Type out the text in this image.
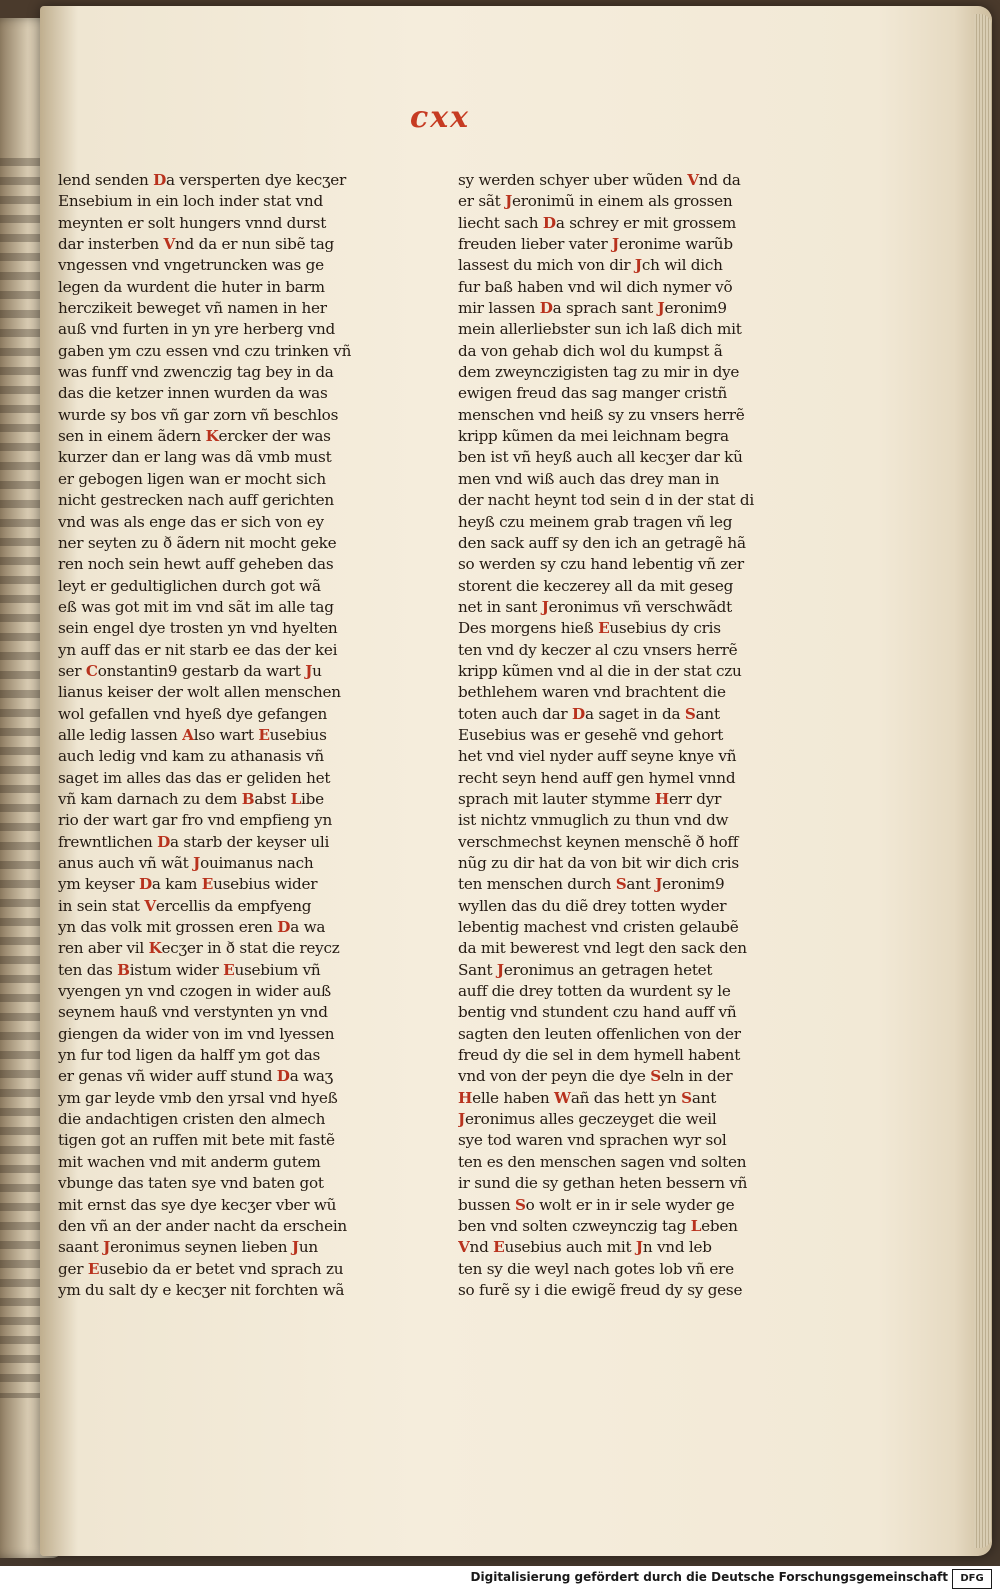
cxx
lend senden Da versperten dye kecʒer
Ensebium in ein loch inder stat vnd
meynten er solt hungers vnnd durst
dar insterben Vnd da er nun sibẽ tag
vngessen vnd vngetruncken was ge
legen da wurdent die huter in barm
herczikeit beweget vñ namen in her
auß vnd furten in yn yre herberg vnd
gaben ym czu essen vnd czu trinken vñ
was funff vnd zwenczig tag bey in da
das die ketzer innen wurden da was
wurde sy bos vñ gar zorn vñ beschlos
sen in einem ãdern Kercker der was
kurzer dan er lang was dã vmb must
er gebogen ligen wan er mocht sich
nicht gestrecken nach auff gerichten
vnd was als enge das er sich von ey
ner seyten zu ð ãdern nit mocht geke
ren noch sein hewt auff geheben das
leyt er gedultiglichen durch got wã
eß was got mit im vnd sãt im alle tag
sein engel dye trosten yn vnd hyelten
yn auff das er nit starb ee das der kei
ser Constantin9 gestarb da wart Ju
lianus keiser der wolt allen menschen
wol gefallen vnd hyeß dye gefangen
alle ledig lassen Also wart Eusebius
auch ledig vnd kam zu athanasis vñ
saget im alles das das er geliden het
vñ kam darnach zu dem Babst Libe
rio der wart gar fro vnd empfieng yn
frewntlichen Da starb der keyser uli
anus auch vñ wãt Jouimanus nach
ym keyser Da kam Eusebius wider
in sein stat Vercellis da empfyeng
yn das volk mit grossen eren Da wa
ren aber vil Kecʒer in ð stat die reycz
ten das Bistum wider Eusebium vñ
vyengen yn vnd czogen in wider auß
seynem hauß vnd verstynten yn vnd
giengen da wider von im vnd lyessen
yn fur tod ligen da halff ym got das
er genas vñ wider auff stund Da waʒ
ym gar leyde vmb den yrsal vnd hyeß
die andachtigen cristen den almech
tigen got an ruffen mit bete mit fastẽ
mit wachen vnd mit anderm gutem
vbunge das taten sye vnd baten got
mit ernst das sye dye kecʒer vber wũ
den vñ an der ander nacht da erschein
saant Jeronimus seynen lieben Jun
ger Eusebio da er betet vnd sprach zu
ym du salt dy e kecʒer nit forchten wã
sy werden schyer uber wũden Vnd da
er sãt Jeronimũ in einem als grossen
liecht sach Da schrey er mit grossem
freuden lieber vater Jeronime warũb
lassest du mich von dir Jch wil dich
fur baß haben vnd wil dich nymer võ
mir lassen Da sprach sant Jeronim9
mein allerliebster sun ich laß dich mit
da von gehab dich wol du kumpst ã
dem zweynczigisten tag zu mir in dye
ewigen freud das sag manger cristñ
menschen vnd heiß sy zu vnsers herrẽ
kripp kũmen da mei leichnam begra
ben ist vñ heyß auch all kecʒer dar kũ
men vnd wiß auch das drey man in
der nacht heynt tod sein d in der stat di
heyß czu meinem grab tragen vñ leg
den sack auff sy den ich an getragẽ hã
so werden sy czu hand lebentig vñ zer
storent die keczerey all da mit geseg
net in sant Jeronimus vñ verschwãdt
Des morgens hieß Eusebius dy cris
ten vnd dy keczer al czu vnsers herrẽ
kripp kũmen vnd al die in der stat czu
bethlehem waren vnd brachtent die
toten auch dar Da saget in da Sant
Eusebius was er gesehẽ vnd gehort
het vnd viel nyder auff seyne knye vñ
recht seyn hend auff gen hymel vnnd
sprach mit lauter stymme Herr dyr
ist nichtz vnmuglich zu thun vnd dw
verschmechst keynen menschẽ ð hoff
nũg zu dir hat da von bit wir dich cris
ten menschen durch Sant Jeronim9
wyllen das du diẽ drey totten wyder
lebentig machest vnd cristen gelaubẽ
da mit bewerest vnd legt den sack den
Sant Jeronimus an getragen hetet
auff die drey totten da wurdent sy le
bentig vnd stundent czu hand auff vñ
sagten den leuten offenlichen von der
freud dy die sel in dem hymell habent
vnd von der peyn die dye Seln in der
Helle haben Wañ das hett yn Sant
Jeronimus alles geczeyget die weil
sye tod waren vnd sprachen wyr sol
ten es den menschen sagen vnd solten
ir sund die sy gethan heten bessern vñ
bussen So wolt er in ir sele wyder ge
ben vnd solten czweynczig tag Leben
Vnd Eusebius auch mit Jn vnd leb
ten sy die weyl nach gotes lob vñ ere
so furẽ sy i die ewigẽ freud dy sy gese
Digitalisierung gefördert durch die Deutsche Forschungsgemeinschaft	DFG
